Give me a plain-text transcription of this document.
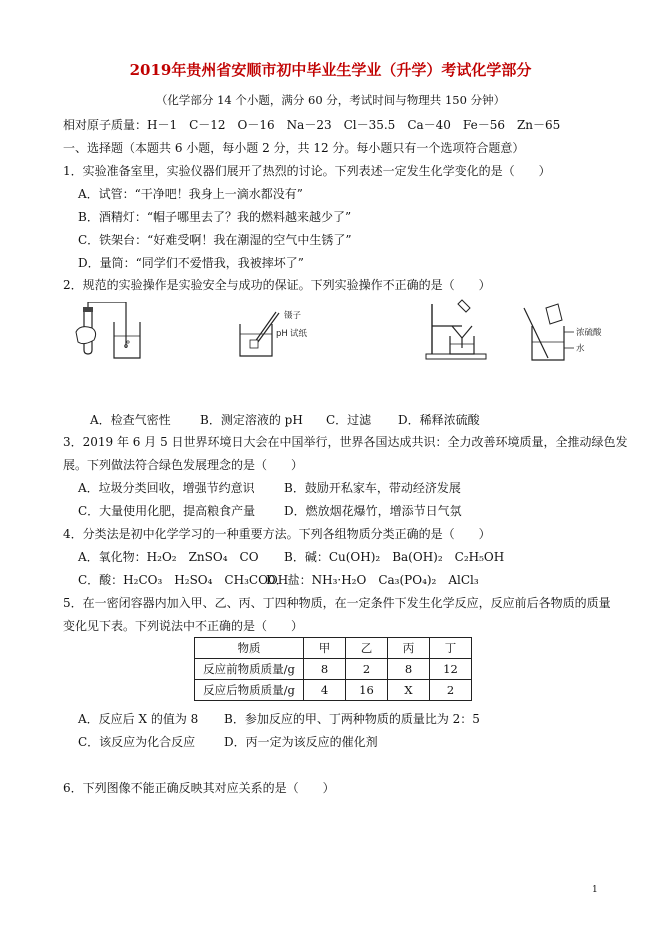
2019年贵州省安顺市初中毕业生学业（升学）考试化学部分
（化学部分 14 个小题，满分 60 分，考试时间与物理共 150 分钟）
相对原子质量：H－1　C－12　O－16　Na－23　Cl－35.5　Ca－40　Fe－56　Zn－65
一、选择题（本题共 6 小题，每小题 2 分，共 12 分。每小题只有一个选项符合题意）
1．实验准备室里，实验仪器们展开了热烈的讨论。下列表述一定发生化学变化的是（　　）
A．试管：“干净吧！我身上一滴水都没有”
B．酒精灯：“帽子哪里去了？我的燃料越来越少了”
C．铁架台：“好难受啊！我在潮湿的空气中生锈了”
D．量筒：“同学们不爱惜我，我被摔坏了”
2．规范的实验操作是实验安全与成功的保证。下列实验操作不正确的是（　　）
镊子
pH 试纸	浓硫酸
水
A．检查气密性 B．测定溶液的 pH C．过滤 D．稀释浓硫酸
3．2019 年 6 月 5 日世界环境日大会在中国举行，世界各国达成共识：全力改善环境质量，全推动绿色发
展。下列做法符合绿色发展理念的是（　　）
A．垃圾分类回收，增强节约意识 B．鼓励开私家车，带动经济发展
C．大量使用化肥，提高粮食产量 D．燃放烟花爆竹，增添节日气氛
4．分类法是初中化学学习的一种重要方法。下列各组物质分类正确的是（　　）
A．氧化物：H₂O₂　ZnSO₄　CO B．碱：Cu(OH)₂　Ba(OH)₂　C₂H₅OH
C．酸：H₂CO₃　H₂SO₄　CH₃COOH
D．盐：NH₃·H₂O　Ca₃(PO₄)₂　AlCl₃
5．在一密闭容器内加入甲、乙、丙、丁四种物质，在一定条件下发生化学反应，反应前后各物质的质量
变化见下表。下列说法中不正确的是（　　）
物质	甲	乙	丙	丁
反应前物质质量/g	8	2	8	12
反应后物质质量/g	4	16	X	2
A．反应后 X 的值为 8 B．参加反应的甲、丁两种物质的质量比为 2：5
C．该反应为化合反应 D．丙一定为该反应的催化剂
6．下列图像不能正确反映其对应关系的是（　　）
1
